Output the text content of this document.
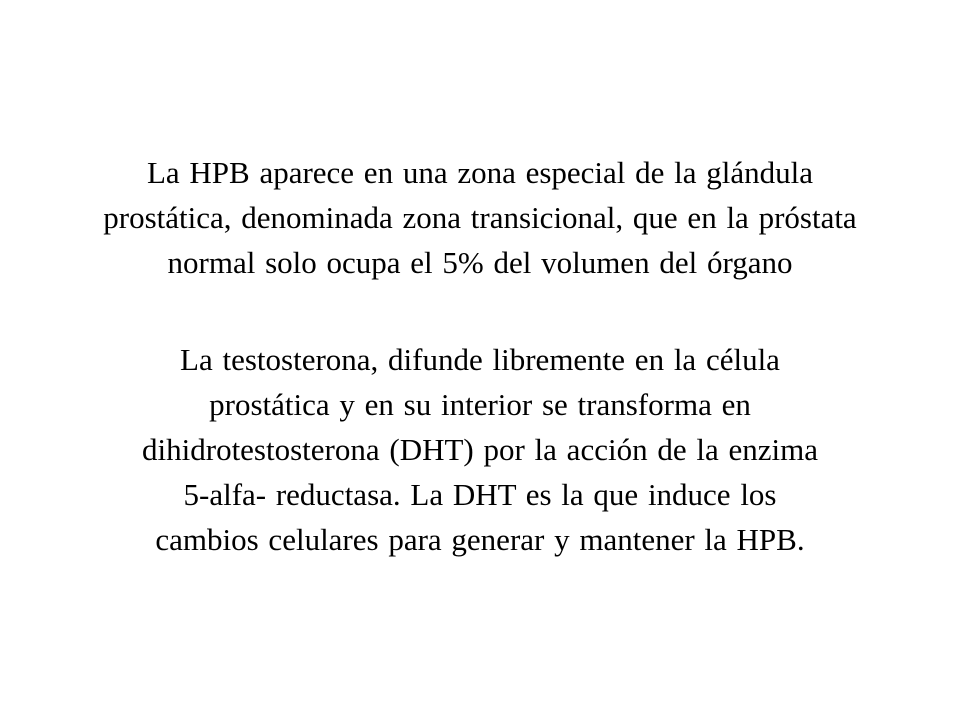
La HPB aparece en una zona especial de la glándula
prostática, denominada zona transicional, que en la próstata
normal solo ocupa el 5% del volumen del órgano
La testosterona, difunde libremente en la célula
prostática y en su interior se transforma en
dihidrotestosterona (DHT) por la acción de la enzima
5-alfa- reductasa. La DHT es la que induce los
cambios celulares para generar y mantener la HPB.
